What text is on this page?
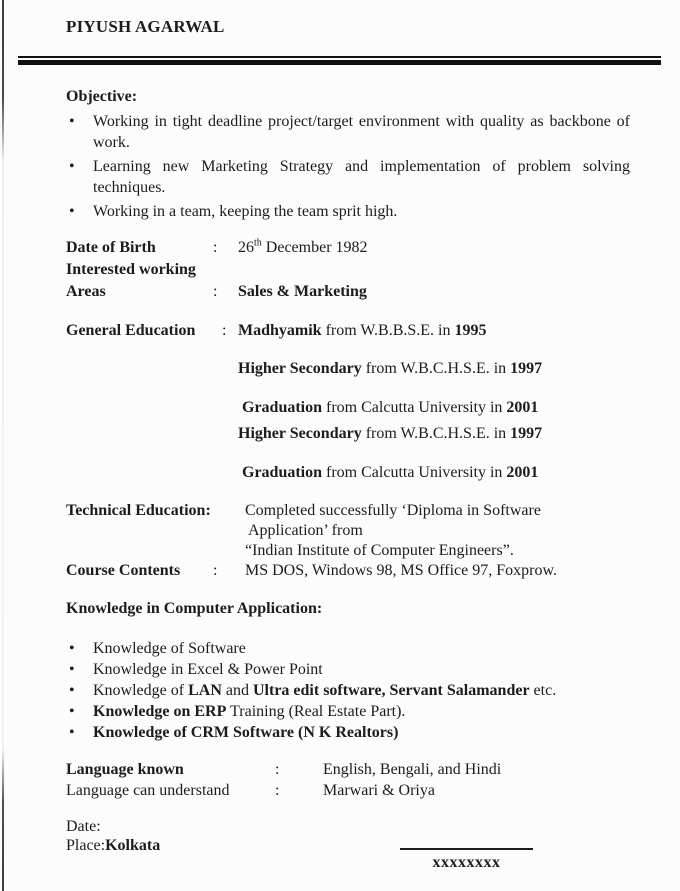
PIYUSH AGARWAL
Objective:
•	Working in tight deadline project/target environment with quality as backbone of work.

•	Learning new Marketing Strategy and implementation of problem solving techniques.

•	Working in a team, keeping the team sprit high.

Date of Birth	:	26th December 1982
Interested working
Areas	:	Sales & Marketing
General Education	: Madhyamik from W.B.B.S.E. in 1995
Higher Secondary from W.B.C.H.S.E. in 1997
Graduation from Calcutta University in 2001
Higher Secondary from W.B.C.H.S.E. in 1997
Graduation from Calcutta University in 2001
Technical Education:	Completed successfully ‘Diploma in Software
Application’ from
“Indian Institute of Computer Engineers”.
Course Contents	:	MS DOS, Windows 98, MS Office 97, Foxprow.
Knowledge in Computer Application:
•	Knowledge of Software

•	Knowledge in Excel & Power Point

•	Knowledge of LAN and Ultra edit software, Servant Salamander etc.

•	Knowledge on ERP Training (Real Estate Part).

•	Knowledge of CRM Software (N K Realtors)

Language known	:	English, Bengali, and Hindi
Language can understand	:	Marwari & Oriya
Date:
Place:Kolkata
xxxxxxxx
